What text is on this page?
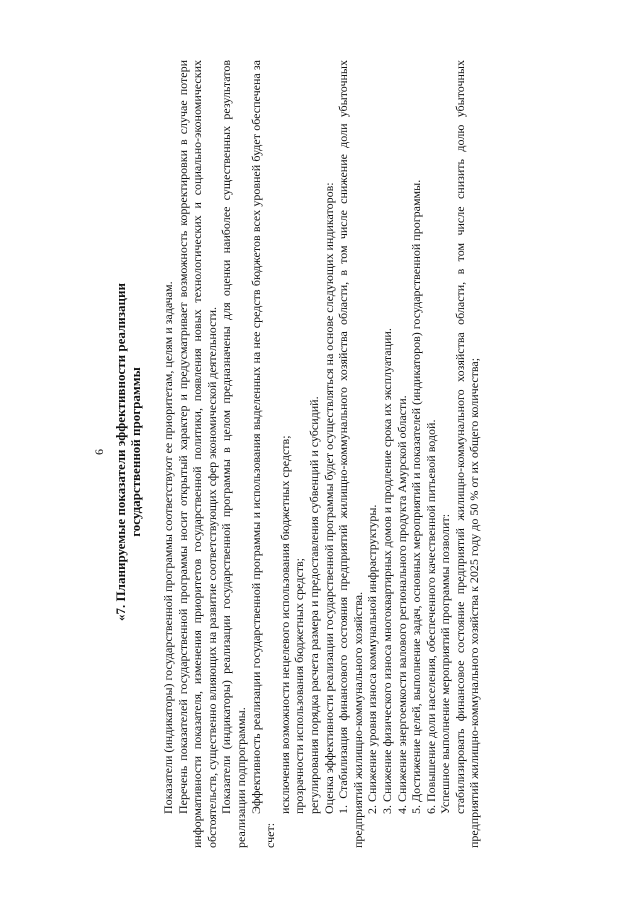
6 «7. Планируемые показатели эффективности реализации государственной программы Показатели (индикаторы) государственной программы соответствуют ее приоритетам, целям и задачам. Перечень показателей государственной программы носит открытый характер и предусматривает возможность корректировки в случае потери информативности показателя, изменения приоритетов государственной политики, появления новых технологических и социально-экономических обстоятельств, существенно влияющих на развитие соответствующих сфер экономической деятельности. Показатели (индикаторы) реализации государственной программы в целом предназначены для оценки наиболее существенных результатов реализации подпрограммы. Эффективность реализации государственной программы и использования выделенных на нее средств бюджетов всех уровней будет обеспечена за счет:

исключения возможности нецелевого использования бюджетных средств; прозрачности использования бюджетных средств; регулирования порядка расчета размера и предоставления субвенций и субсидий. Оценка эффективности реализации государственной программы будет осуществляться на основе следующих индикаторов: 1. Стабилизация финансового состояния предприятий жилищно-коммунального хозяйства области, в том числе снижение доли убыточных предприятий жилищно-коммунального хозяйства. 2. Снижение уровня износа коммунальной инфраструктуры. 3. Снижение физического износа многоквартирных домов и продление срока их эксплуатации. 4. Снижение энергоемкости валового регионального продукта Амурской области. 5. Достижение целей, выполнение задач, основных мероприятий и показателей (индикаторов) государственной программы. 6. Повышение доли населения, обеспеченного качественной питьевой водой. Успешное выполнение мероприятий программы позволит: стабилизировать финансовое состояние предприятий жилищно-коммунального хозяйства области, в том числе снизить долю убыточных предприятий жилищно-коммунального хозяйства к 2025 году до 50 % от их общего количества;
